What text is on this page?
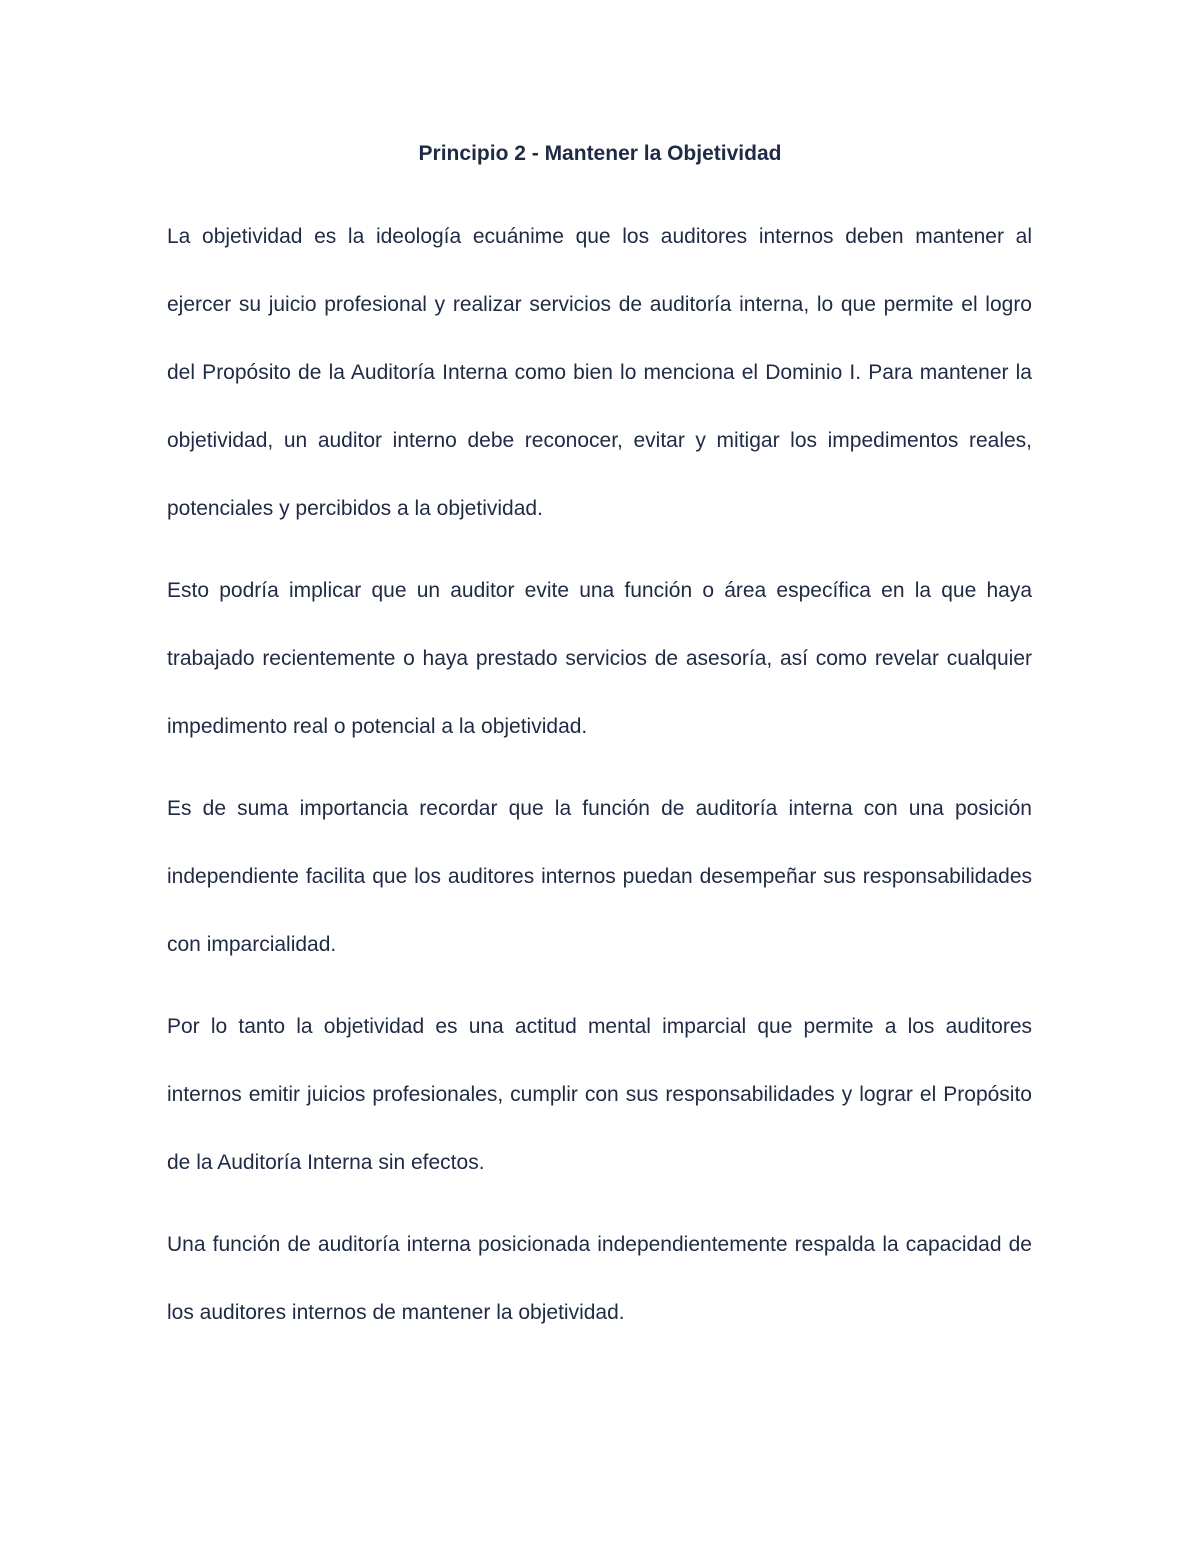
Principio 2 - Mantener la Objetividad

La objetividad es la ideología ecuánime que los auditores internos deben mantener al ejercer su juicio profesional y realizar servicios de auditoría interna, lo que permite el logro del Propósito de la Auditoría Interna como bien lo menciona el Dominio I. Para mantener la objetividad, un auditor interno debe reconocer, evitar y mitigar los impedimentos reales, potenciales y percibidos a la objetividad.

Esto podría implicar que un auditor evite una función o área específica en la que haya trabajado recientemente o haya prestado servicios de asesoría, así como revelar cualquier impedimento real o potencial a la objetividad.

Es de suma importancia recordar que la función de auditoría interna con una posición independiente facilita que los auditores internos puedan desempeñar sus responsabilidades con imparcialidad.

Por lo tanto la objetividad es una actitud mental imparcial que permite a los auditores internos emitir juicios profesionales, cumplir con sus responsabilidades y lograr el Propósito de la Auditoría Interna sin efectos.

Una función de auditoría interna posicionada independientemente respalda la capacidad de los auditores internos de mantener la objetividad.
